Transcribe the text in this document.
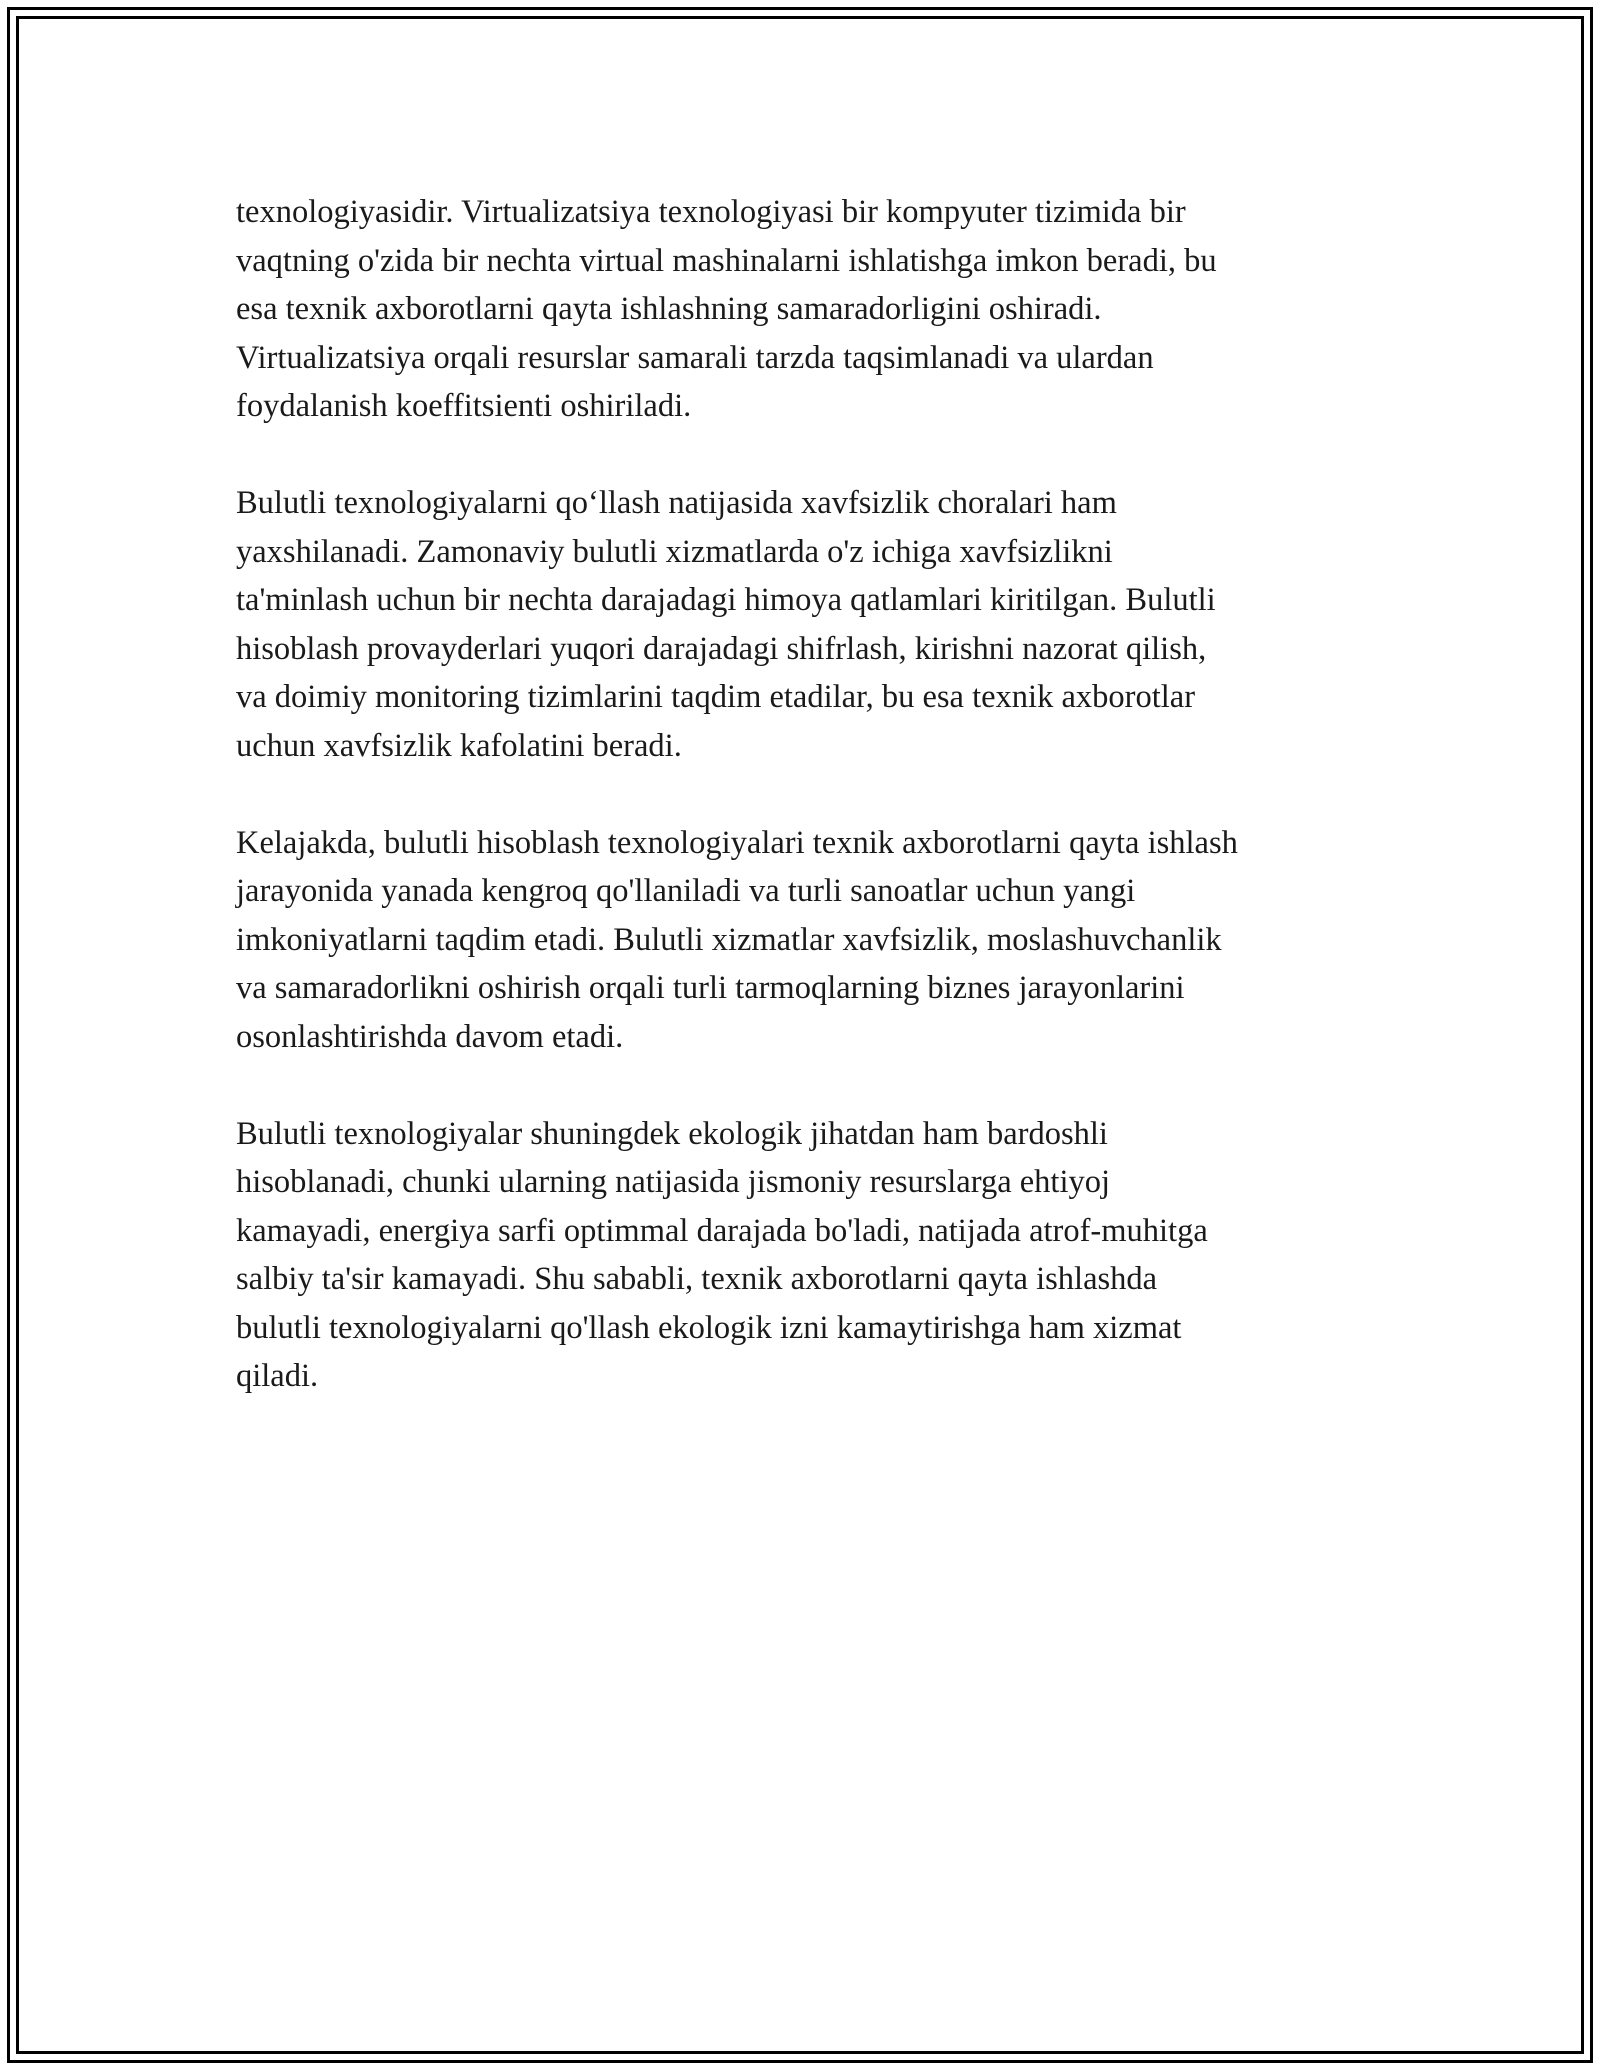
texnologiyasidir. Virtualizatsiya texnologiyasi bir kompyuter tizimida bir
vaqtning o'zida bir nechta virtual mashinalarni ishlatishga imkon beradi, bu
esa texnik axborotlarni qayta ishlashning samaradorligini oshiradi.
Virtualizatsiya orqali resurslar samarali tarzda taqsimlanadi va ulardan
foydalanish koeffitsienti oshiriladi.

Bulutli texnologiyalarni qo‘llash natijasida xavfsizlik choralari ham
yaxshilanadi. Zamonaviy bulutli xizmatlarda o'z ichiga xavfsizlikni
ta'minlash uchun bir nechta darajadagi himoya qatlamlari kiritilgan. Bulutli
hisoblash provayderlari yuqori darajadagi shifrlash, kirishni nazorat qilish,
va doimiy monitoring tizimlarini taqdim etadilar, bu esa texnik axborotlar
uchun xavfsizlik kafolatini beradi.

Kelajakda, bulutli hisoblash texnologiyalari texnik axborotlarni qayta ishlash
jarayonida yanada kengroq qo'llaniladi va turli sanoatlar uchun yangi
imkoniyatlarni taqdim etadi. Bulutli xizmatlar xavfsizlik, moslashuvchanlik
va samaradorlikni oshirish orqali turli tarmoqlarning biznes jarayonlarini
osonlashtirishda davom etadi.

Bulutli texnologiyalar shuningdek ekologik jihatdan ham bardoshli
hisoblanadi, chunki ularning natijasida jismoniy resurslarga ehtiyoj
kamayadi, energiya sarfi optimmal darajada bo'ladi, natijada atrof-muhitga
salbiy ta'sir kamayadi. Shu sababli, texnik axborotlarni qayta ishlashda
bulutli texnologiyalarni qo'llash ekologik izni kamaytirishga ham xizmat
qiladi.
